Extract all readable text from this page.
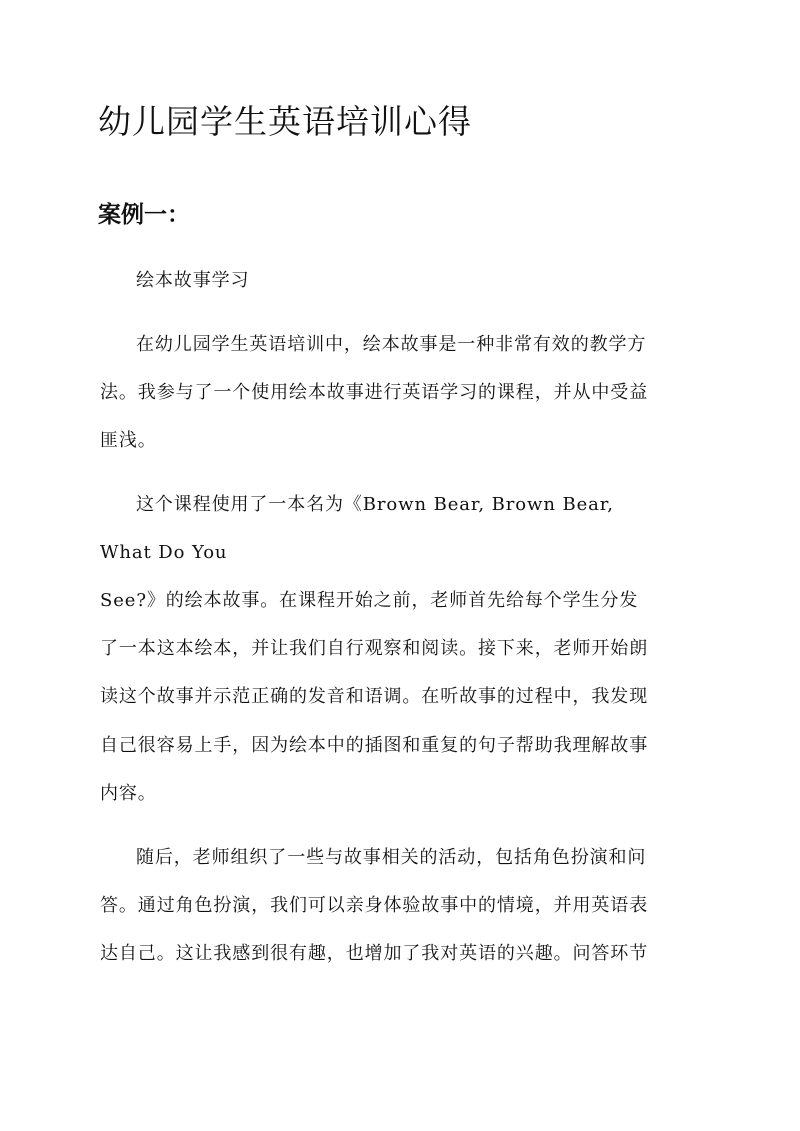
幼儿园学生英语培训心得
案例一：

绘本故事学习

在幼儿园学生英语培训中，绘本故事是一种非常有效的教学方

法。我参与了一个使用绘本故事进行英语学习的课程，并从中受益

匪浅。

这个课程使用了一本名为《Brown Bear, Brown Bear,

What Do You

See?》的绘本故事。在课程开始之前，老师首先给每个学生分发

了一本这本绘本，并让我们自行观察和阅读。接下来，老师开始朗

读这个故事并示范正确的发音和语调。在听故事的过程中，我发现

自己很容易上手，因为绘本中的插图和重复的句子帮助我理解故事

内容。

随后，老师组织了一些与故事相关的活动，包括角色扮演和问

答。通过角色扮演，我们可以亲身体验故事中的情境，并用英语表

达自己。这让我感到很有趣，也增加了我对英语的兴趣。问答环节
